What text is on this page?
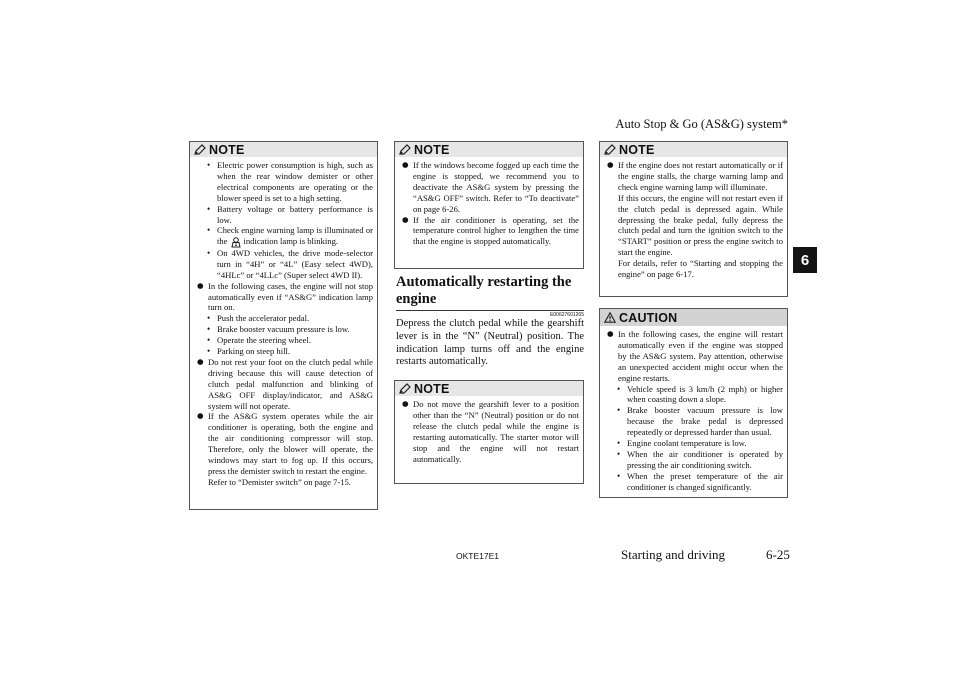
Auto Stop & Go (AS&G) system*
6
NOTE
• Electric power consumption is high, such as when the rear window demister or other electrical components are operating or the blower speed is set to a high setting.
• Battery voltage or battery performance is low.
• Check engine warning lamp is illuminated or the indication lamp is blinking.
• On 4WD vehicles, the drive mode-selector turn in “4H” or “4L” (Easy select 4WD), “4HLc” or “4LLc” (Super select 4WD II).
● In the following cases, the engine will not stop automatically even if “AS&G” indication lamp turn on.
• Push the accelerator pedal.
• Brake booster vacuum pressure is low.
• Operate the steering wheel.
• Parking on steep hill.
● Do not rest your foot on the clutch pedal while driving because this will cause detection of clutch pedal malfunction and blinking of AS&G OFF display/indicator, and AS&G system will not operate.
● If the AS&G system operates while the air conditioner is operating, both the engine and the air conditioning compressor will stop. Therefore, only the blower will operate, the windows may start to fog up. If this occurs, press the demister switch to restart the engine.
Refer to “Demister switch” on page 7-15.
NOTE
● If the windows become fogged up each time the engine is stopped, we recommend you to deactivate the AS&G system by pressing the “AS&G OFF” switch. Refer to “To deactivate” on page 6-26.
● If the air conditioner is operating, set the temperature control higher to lengthen the time that the engine is stopped automatically.
Automatically restarting the engine
E00627601265
Depress the clutch pedal while the gearshift lever is in the “N” (Neutral) position. The indication lamp turns off and the engine restarts automatically.
NOTE
● Do not move the gearshift lever to a position other than the “N” (Neutral) position or do not release the clutch pedal while the engine is restarting automatically. The starter motor will stop and the engine will not restart automatically.
NOTE
● If the engine does not restart automatically or if the engine stalls, the charge warning lamp and check engine warning lamp will illuminate.
If this occurs, the engine will not restart even if the clutch pedal is depressed again. While depressing the brake pedal, fully depress the clutch pedal and turn the ignition switch to the “START” position or press the engine switch to start the engine.
For details, refer to “Starting and stopping the engine” on page 6-17.
CAUTION
● In the following cases, the engine will restart automatically even if the engine was stopped by the AS&G system. Pay attention, otherwise an unexpected accident might occur when the engine restarts.
• Vehicle speed is 3 km/h (2 mph) or higher when coasting down a slope.
• Brake booster vacuum pressure is low because the brake pedal is depressed repeatedly or depressed harder than usual.
• Engine coolant temperature is low.
• When the air conditioner is operated by pressing the air conditioning switch.
• When the preset temperature of the air conditioner is changed significantly.
OKTE17E1	Starting and driving	6-25
